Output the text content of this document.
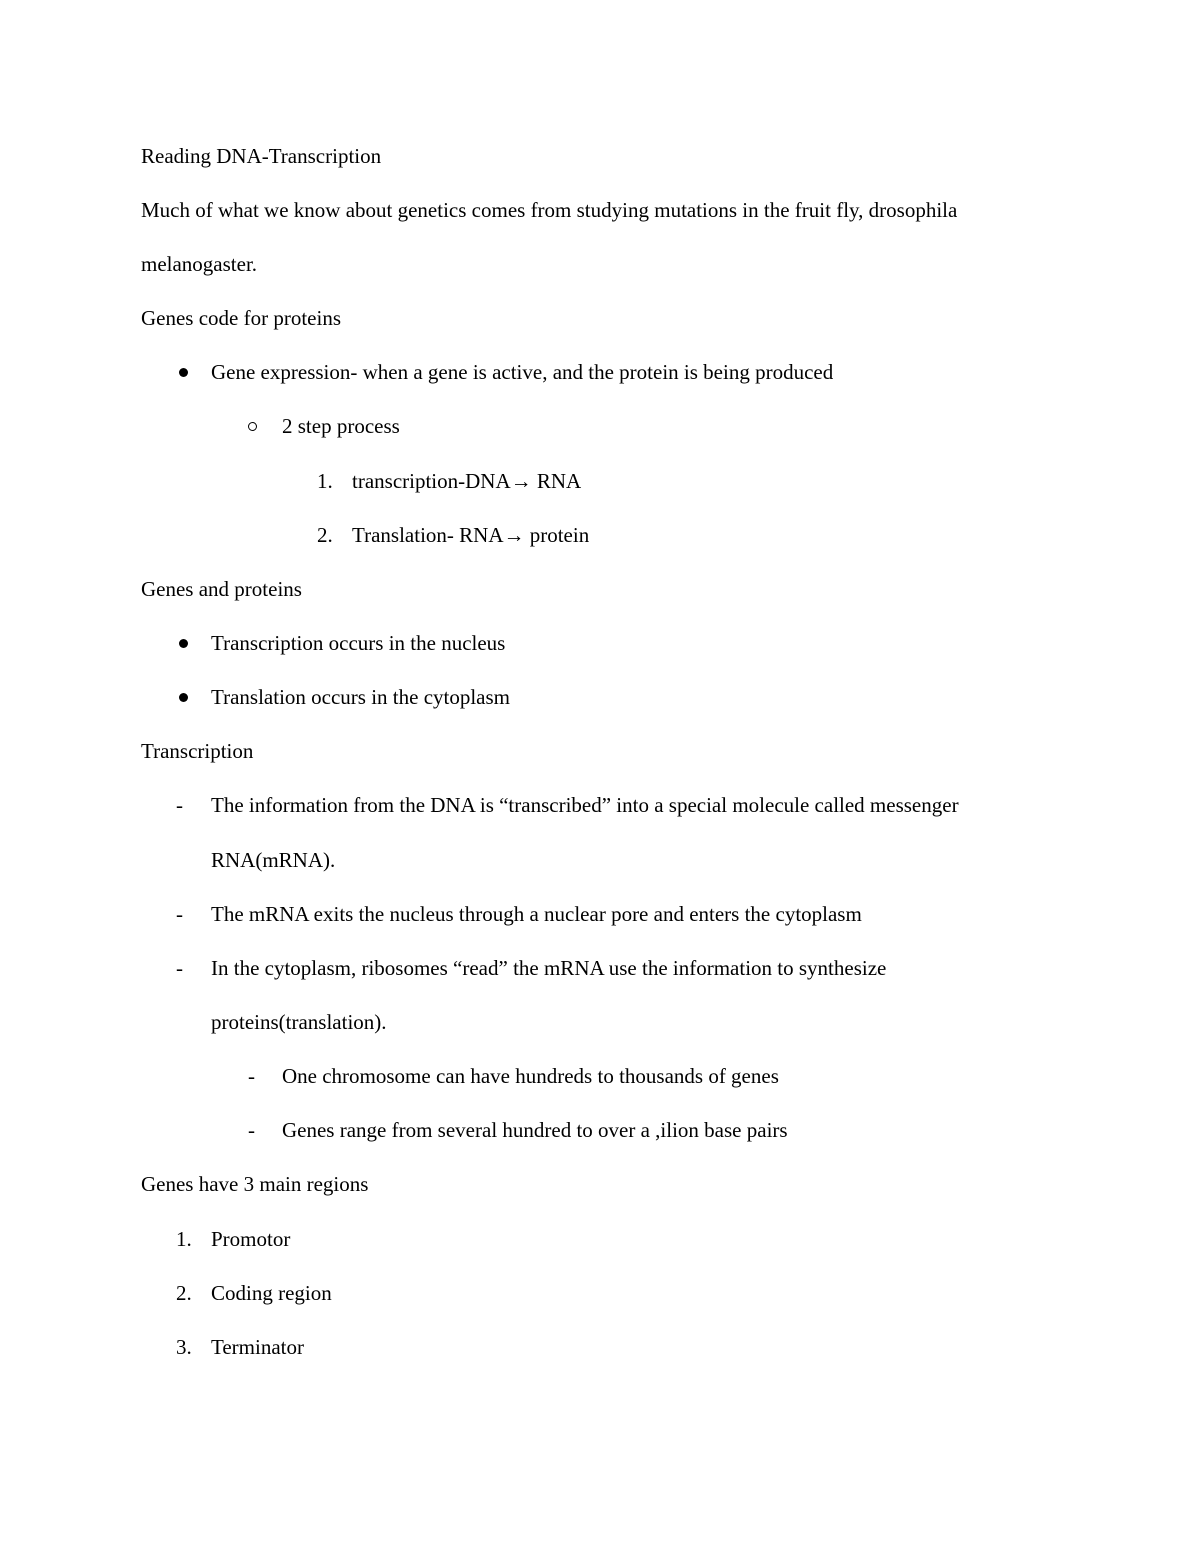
Reading DNA-Transcription
Much of what we know about genetics comes from studying mutations in the fruit fly, drosophila
melanogaster.
Genes code for proteins
Gene expression- when a gene is active, and the protein is being produced
2 step process
1. transcription-DNA→ RNA
2. Translation- RNA→ protein
Genes and proteins
Transcription occurs in the nucleus
Translation occurs in the cytoplasm
Transcription
- The information from the DNA is “transcribed” into a special molecule called messenger
RNA(mRNA).
- The mRNA exits the nucleus through a nuclear pore and enters the cytoplasm
- In the cytoplasm, ribosomes “read” the mRNA use the information to synthesize
proteins(translation).
- One chromosome can have hundreds to thousands of genes
- Genes range from several hundred to over a ,ilion base pairs
Genes have 3 main regions
1. Promotor
2. Coding region
3. Terminator
